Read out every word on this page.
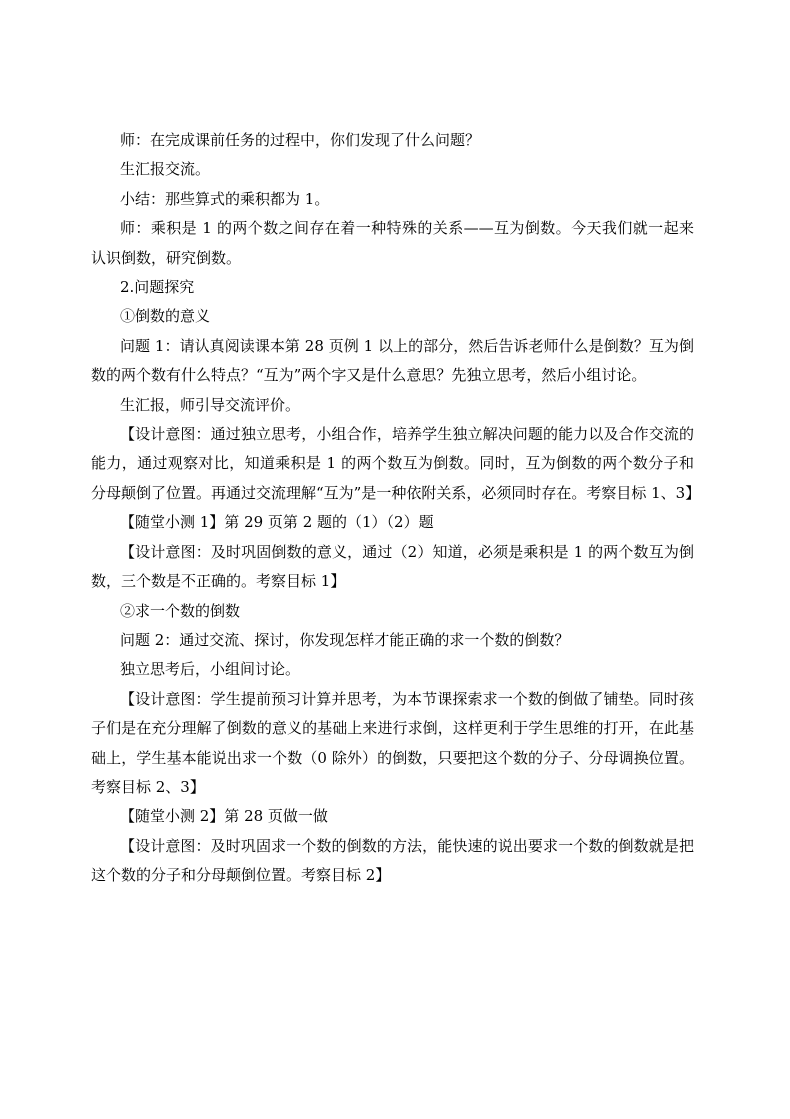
师：在完成课前任务的过程中，你们发现了什么问题？

生汇报交流。

小结：那些算式的乘积都为 1。

师：乘积是 1 的两个数之间存在着一种特殊的关系——互为倒数。今天我们就一起来认识倒数，研究倒数。

2.问题探究

①倒数的意义

问题 1：请认真阅读课本第 28 页例 1 以上的部分，然后告诉老师什么是倒数？互为倒数的两个数有什么特点？“互为”两个字又是什么意思？先独立思考，然后小组讨论。

生汇报，师引导交流评价。

【设计意图：通过独立思考，小组合作，培养学生独立解决问题的能力以及合作交流的能力，通过观察对比，知道乘积是 1 的两个数互为倒数。同时，互为倒数的两个数分子和分母颠倒了位置。再通过交流理解“互为”是一种依附关系，必须同时存在。考察目标 1、3】

【随堂小测 1】第 29 页第 2 题的（1）（2）题

【设计意图：及时巩固倒数的意义，通过（2）知道，必须是乘积是 1 的两个数互为倒数，三个数是不正确的。考察目标 1】

②求一个数的倒数

问题 2：通过交流、探讨，你发现怎样才能正确的求一个数的倒数？

独立思考后，小组间讨论。

【设计意图：学生提前预习计算并思考，为本节课探索求一个数的倒做了铺垫。同时孩子们是在充分理解了倒数的意义的基础上来进行求倒，这样更利于学生思维的打开，在此基础上，学生基本能说出求一个数（0 除外）的倒数，只要把这个数的分子、分母调换位置。考察目标 2、3】

【随堂小测 2】第 28 页做一做

【设计意图：及时巩固求一个数的倒数的方法，能快速的说出要求一个数的倒数就是把这个数的分子和分母颠倒位置。考察目标 2】
